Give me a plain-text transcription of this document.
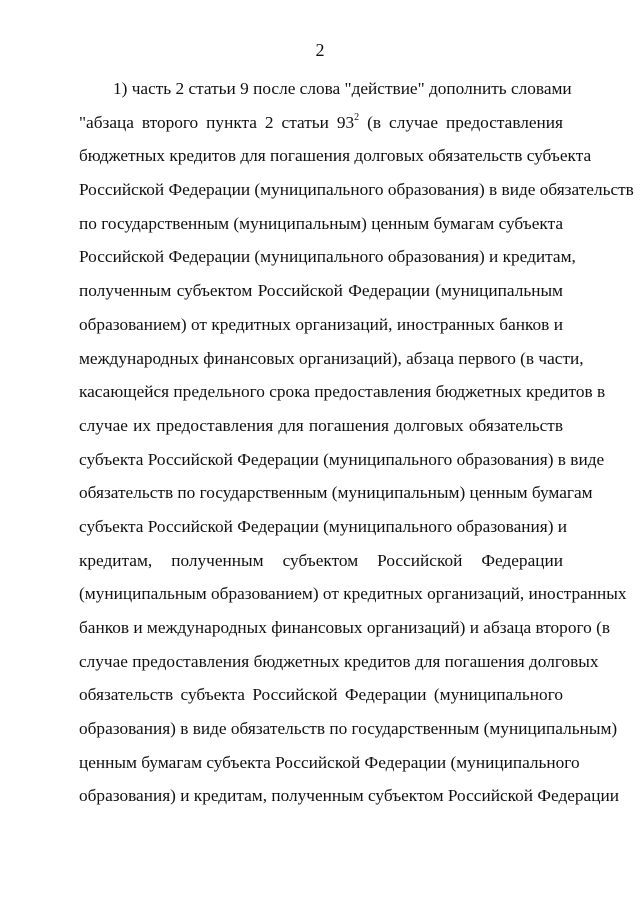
2
1) часть 2 статьи 9 после слова "действие" дополнить словами
"абзаца второго пункта 2 статьи $93^2$ (в случае предоставления
бюджетных кредитов для погашения долговых обязательств субъекта
Российской Федерации (муниципального образования) в виде обязательств
по государственным (муниципальным) ценным бумагам субъекта
Российской Федерации (муниципального образования) и кредитам,
полученным субъектом Российской Федерации (муниципальным
образованием) от кредитных организаций, иностранных банков и
международных финансовых организаций), абзаца первого (в части,
касающейся предельного срока предоставления бюджетных кредитов в
случае их предоставления для погашения долговых обязательств
субъекта Российской Федерации (муниципального образования) в виде
обязательств по государственным (муниципальным) ценным бумагам
субъекта Российской Федерации (муниципального образования) и
кредитам, полученным субъектом Российской Федерации
(муниципальным образованием) от кредитных организаций, иностранных
банков и международных финансовых организаций) и абзаца второго (в
случае предоставления бюджетных кредитов для погашения долговых
обязательств субъекта Российской Федерации (муниципального
образования) в виде обязательств по государственным (муниципальным)
ценным бумагам субъекта Российской Федерации (муниципального
образования) и кредитам, полученным субъектом Российской Федерации
